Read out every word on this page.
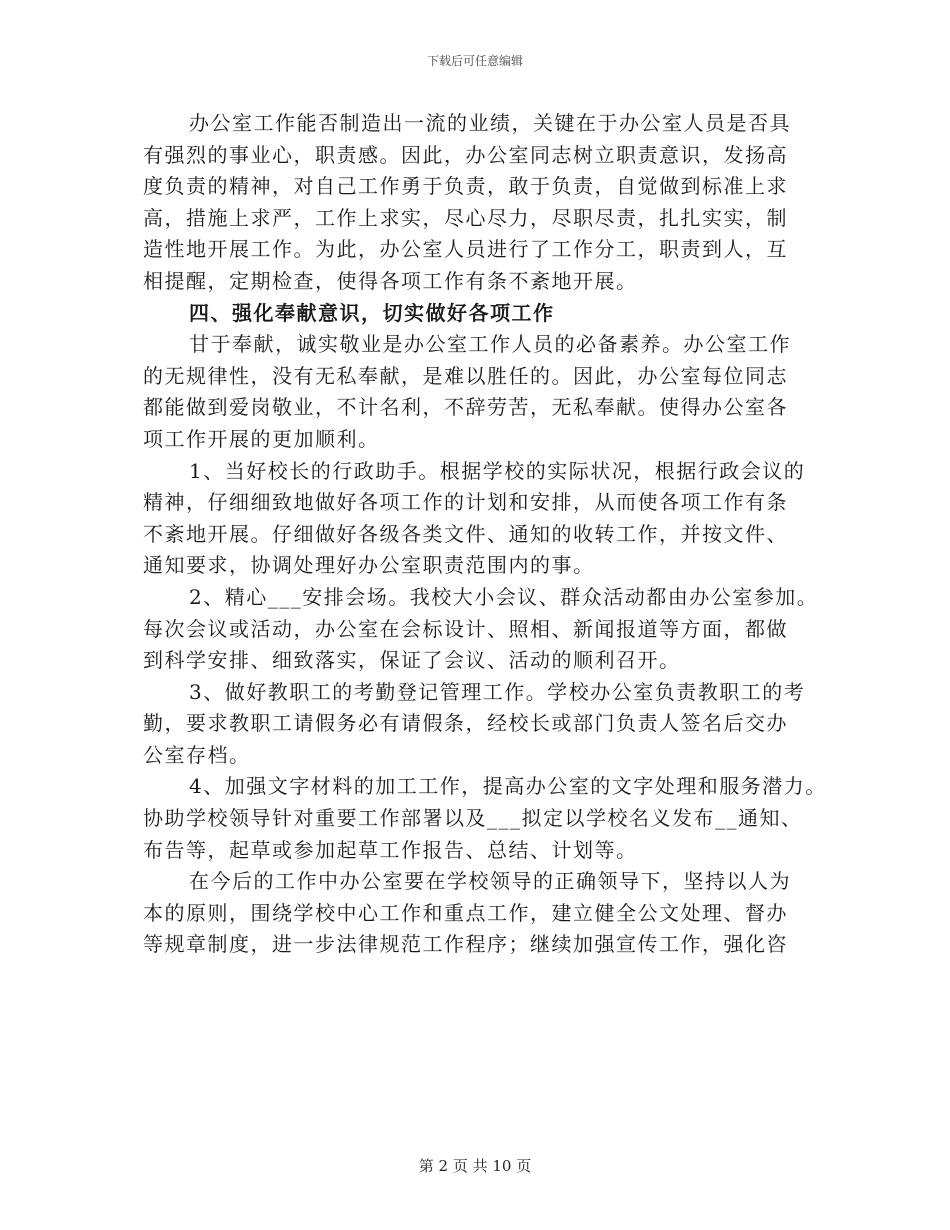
下载后可任意编辑
办公室工作能否制造出一流的业绩，关键在于办公室人员是否具
有强烈的事业心，职责感。因此，办公室同志树立职责意识，发扬高
度负责的精神，对自己工作勇于负责，敢于负责，自觉做到标准上求
高，措施上求严，工作上求实，尽心尽力，尽职尽责，扎扎实实，制
造性地开展工作。为此，办公室人员进行了工作分工，职责到人，互
相提醒，定期检查，使得各项工作有条不紊地开展。
四、强化奉献意识，切实做好各项工作
甘于奉献，诚实敬业是办公室工作人员的必备素养。办公室工作
的无规律性，没有无私奉献，是难以胜任的。因此，办公室每位同志
都能做到爱岗敬业，不计名利，不辞劳苦，无私奉献。使得办公室各
项工作开展的更加顺利。
1、当好校长的行政助手。根据学校的实际状况，根据行政会议的
精神，仔细细致地做好各项工作的计划和安排，从而使各项工作有条
不紊地开展。仔细做好各级各类文件、通知的收转工作，并按文件、
通知要求，协调处理好办公室职责范围内的事。
2、精心___安排会场。我校大小会议、群众活动都由办公室参加。
每次会议或活动，办公室在会标设计、照相、新闻报道等方面，都做
到科学安排、细致落实，保证了会议、活动的顺利召开。
3、做好教职工的考勤登记管理工作。学校办公室负责教职工的考
勤，要求教职工请假务必有请假条，经校长或部门负责人签名后交办
公室存档。
4、加强文字材料的加工工作，提高办公室的文字处理和服务潜力。
协助学校领导针对重要工作部署以及___拟定以学校名义发布__通知、
布告等，起草或参加起草工作报告、总结、计划等。
在今后的工作中办公室要在学校领导的正确领导下，坚持以人为
本的原则，围绕学校中心工作和重点工作，建立健全公文处理、督办
等规章制度，进一步法律规范工作程序；继续加强宣传工作，强化咨
第 2 页 共 10 页
